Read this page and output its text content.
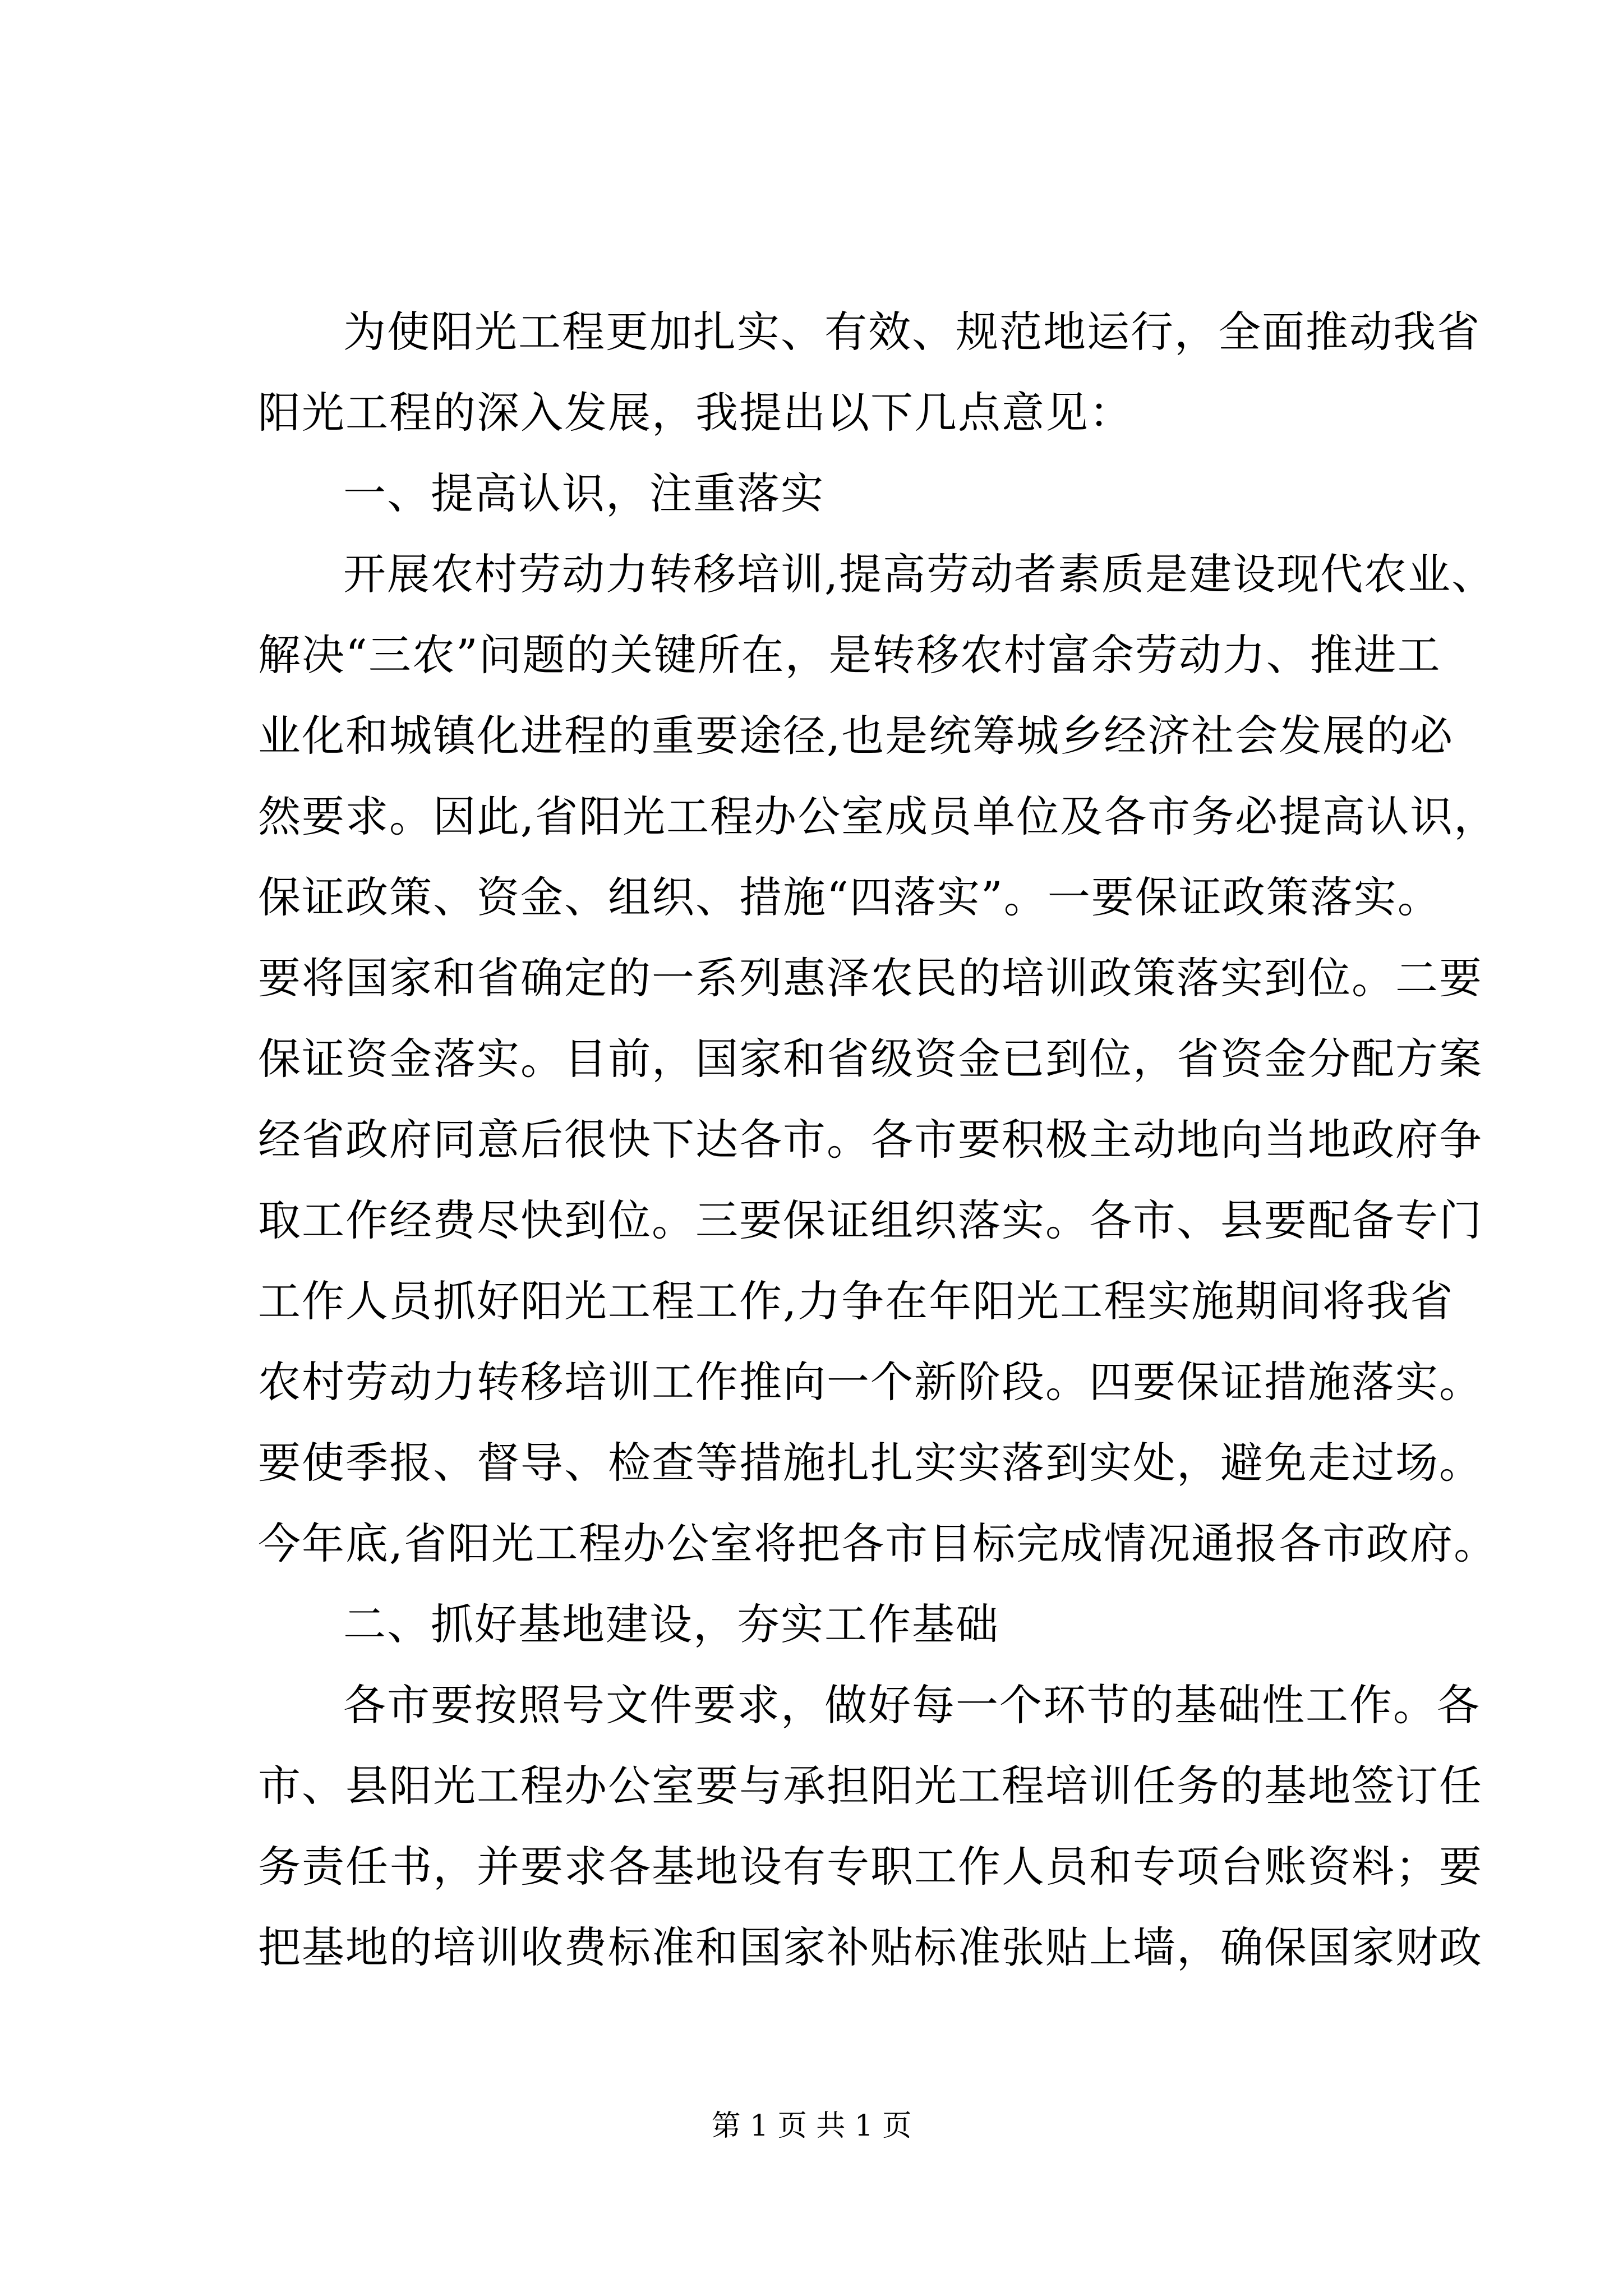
为使阳光工程更加扎实、有效、规范地运行，全面推动我省
阳光工程的深入发展，我提出以下几点意见：
一、提高认识，注重落实
开展农村劳动力转移培训,提高劳动者素质是建设现代农业、
解决“三农”问题的关键所在，是转移农村富余劳动力、推进工
业化和城镇化进程的重要途径,也是统筹城乡经济社会发展的必
然要求。因此,省阳光工程办公室成员单位及各市务必提高认识，
保证政策、资金、组织、措施“四落实”。一要保证政策落实。
要将国家和省确定的一系列惠泽农民的培训政策落实到位。二要
保证资金落实。目前，国家和省级资金已到位，省资金分配方案
经省政府同意后很快下达各市。各市要积极主动地向当地政府争
取工作经费尽快到位。三要保证组织落实。各市、县要配备专门
工作人员抓好阳光工程工作,力争在年阳光工程实施期间将我省
农村劳动力转移培训工作推向一个新阶段。四要保证措施落实。
要使季报、督导、检查等措施扎扎实实落到实处，避免走过场。
今年底,省阳光工程办公室将把各市目标完成情况通报各市政府。
二、抓好基地建设，夯实工作基础
各市要按照号文件要求，做好每一个环节的基础性工作。各
市、县阳光工程办公室要与承担阳光工程培训任务的基地签订任
务责任书，并要求各基地设有专职工作人员和专项台账资料；要
把基地的培训收费标准和国家补贴标准张贴上墙，确保国家财政
第 1 页 共 1 页
